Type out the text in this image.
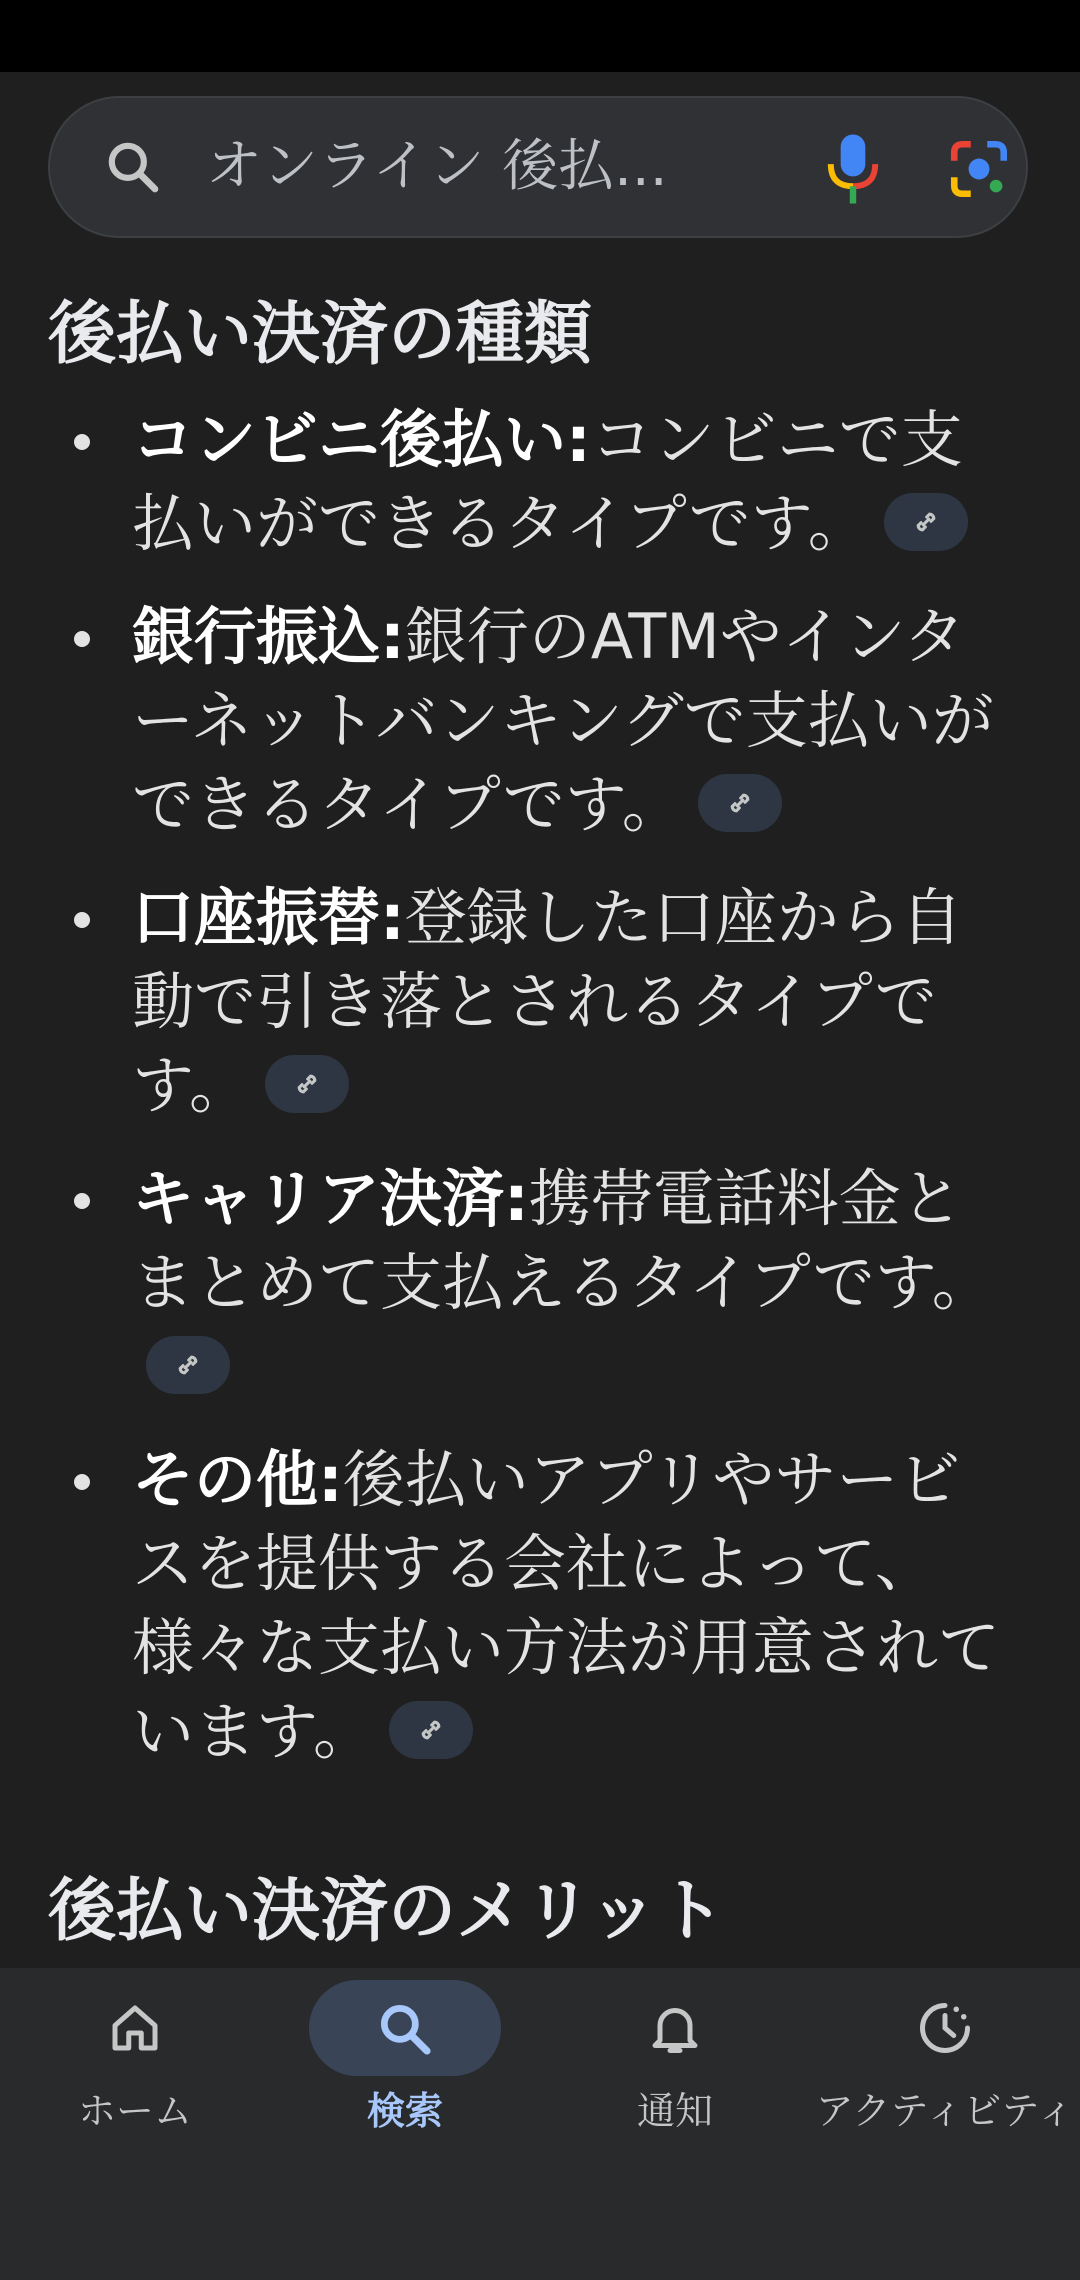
オンライン 後払...
後払い決済の種類
コンビニ後払い:コンビニで支払いができるタイプです。
銀行振込:銀行のATMやインターネットバンキングで支払いができるタイプです。
口座振替:登録した口座から自動で引き落とされるタイプです。
キャリア決済:携帯電話料金とまとめて支払えるタイプです。
その他:後払いアプリやサービスを提供する会社によって、様々な支払い方法が用意されています。
後払い決済のメリット
ホーム	検索	通知	アクティビティ
